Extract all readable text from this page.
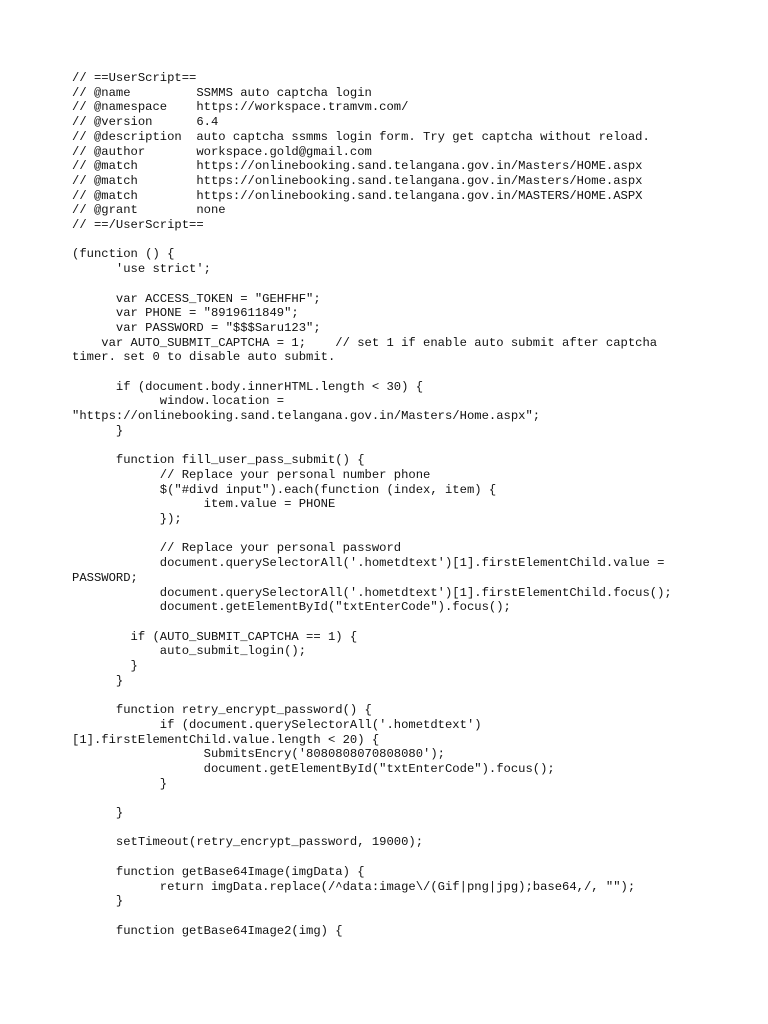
// ==UserScript==
// @name         SSMMS auto captcha login
// @namespace    https://workspace.tramvm.com/
// @version      6.4
// @description  auto captcha ssmms login form. Try get captcha without reload.
// @author       workspace.gold@gmail.com
// @match        https://onlinebooking.sand.telangana.gov.in/Masters/HOME.aspx
// @match        https://onlinebooking.sand.telangana.gov.in/Masters/Home.aspx
// @match        https://onlinebooking.sand.telangana.gov.in/MASTERS/HOME.ASPX
// @grant        none
// ==/UserScript==
(function () {
'use strict';
var ACCESS_TOKEN = "GEHFHF";
var PHONE = "8919611849";
var PASSWORD = "$$$Saru123";
var AUTO_SUBMIT_CAPTCHA = 1;    // set 1 if enable auto submit after captcha
timer. set 0 to disable auto submit.
if (document.body.innerHTML.length < 30) {
window.location =
"https://onlinebooking.sand.telangana.gov.in/Masters/Home.aspx";
}
function fill_user_pass_submit() {
// Replace your personal number phone
$("#divd input").each(function (index, item) {
item.value = PHONE
});
// Replace your personal password
document.querySelectorAll('.hometdtext')[1].firstElementChild.value =
PASSWORD;
document.querySelectorAll('.hometdtext')[1].firstElementChild.focus();
document.getElementById("txtEnterCode").focus();
if (AUTO_SUBMIT_CAPTCHA == 1) {
auto_submit_login();
}
}
function retry_encrypt_password() {
if (document.querySelectorAll('.hometdtext')
[1].firstElementChild.value.length < 20) {
SubmitsEncry('8080808070808080');
document.getElementById("txtEnterCode").focus();
}
}
setTimeout(retry_encrypt_password, 19000);
function getBase64Image(imgData) {
return imgData.replace(/^data:image\/(Gif|png|jpg);base64,/, "");
}
function getBase64Image2(img) {
